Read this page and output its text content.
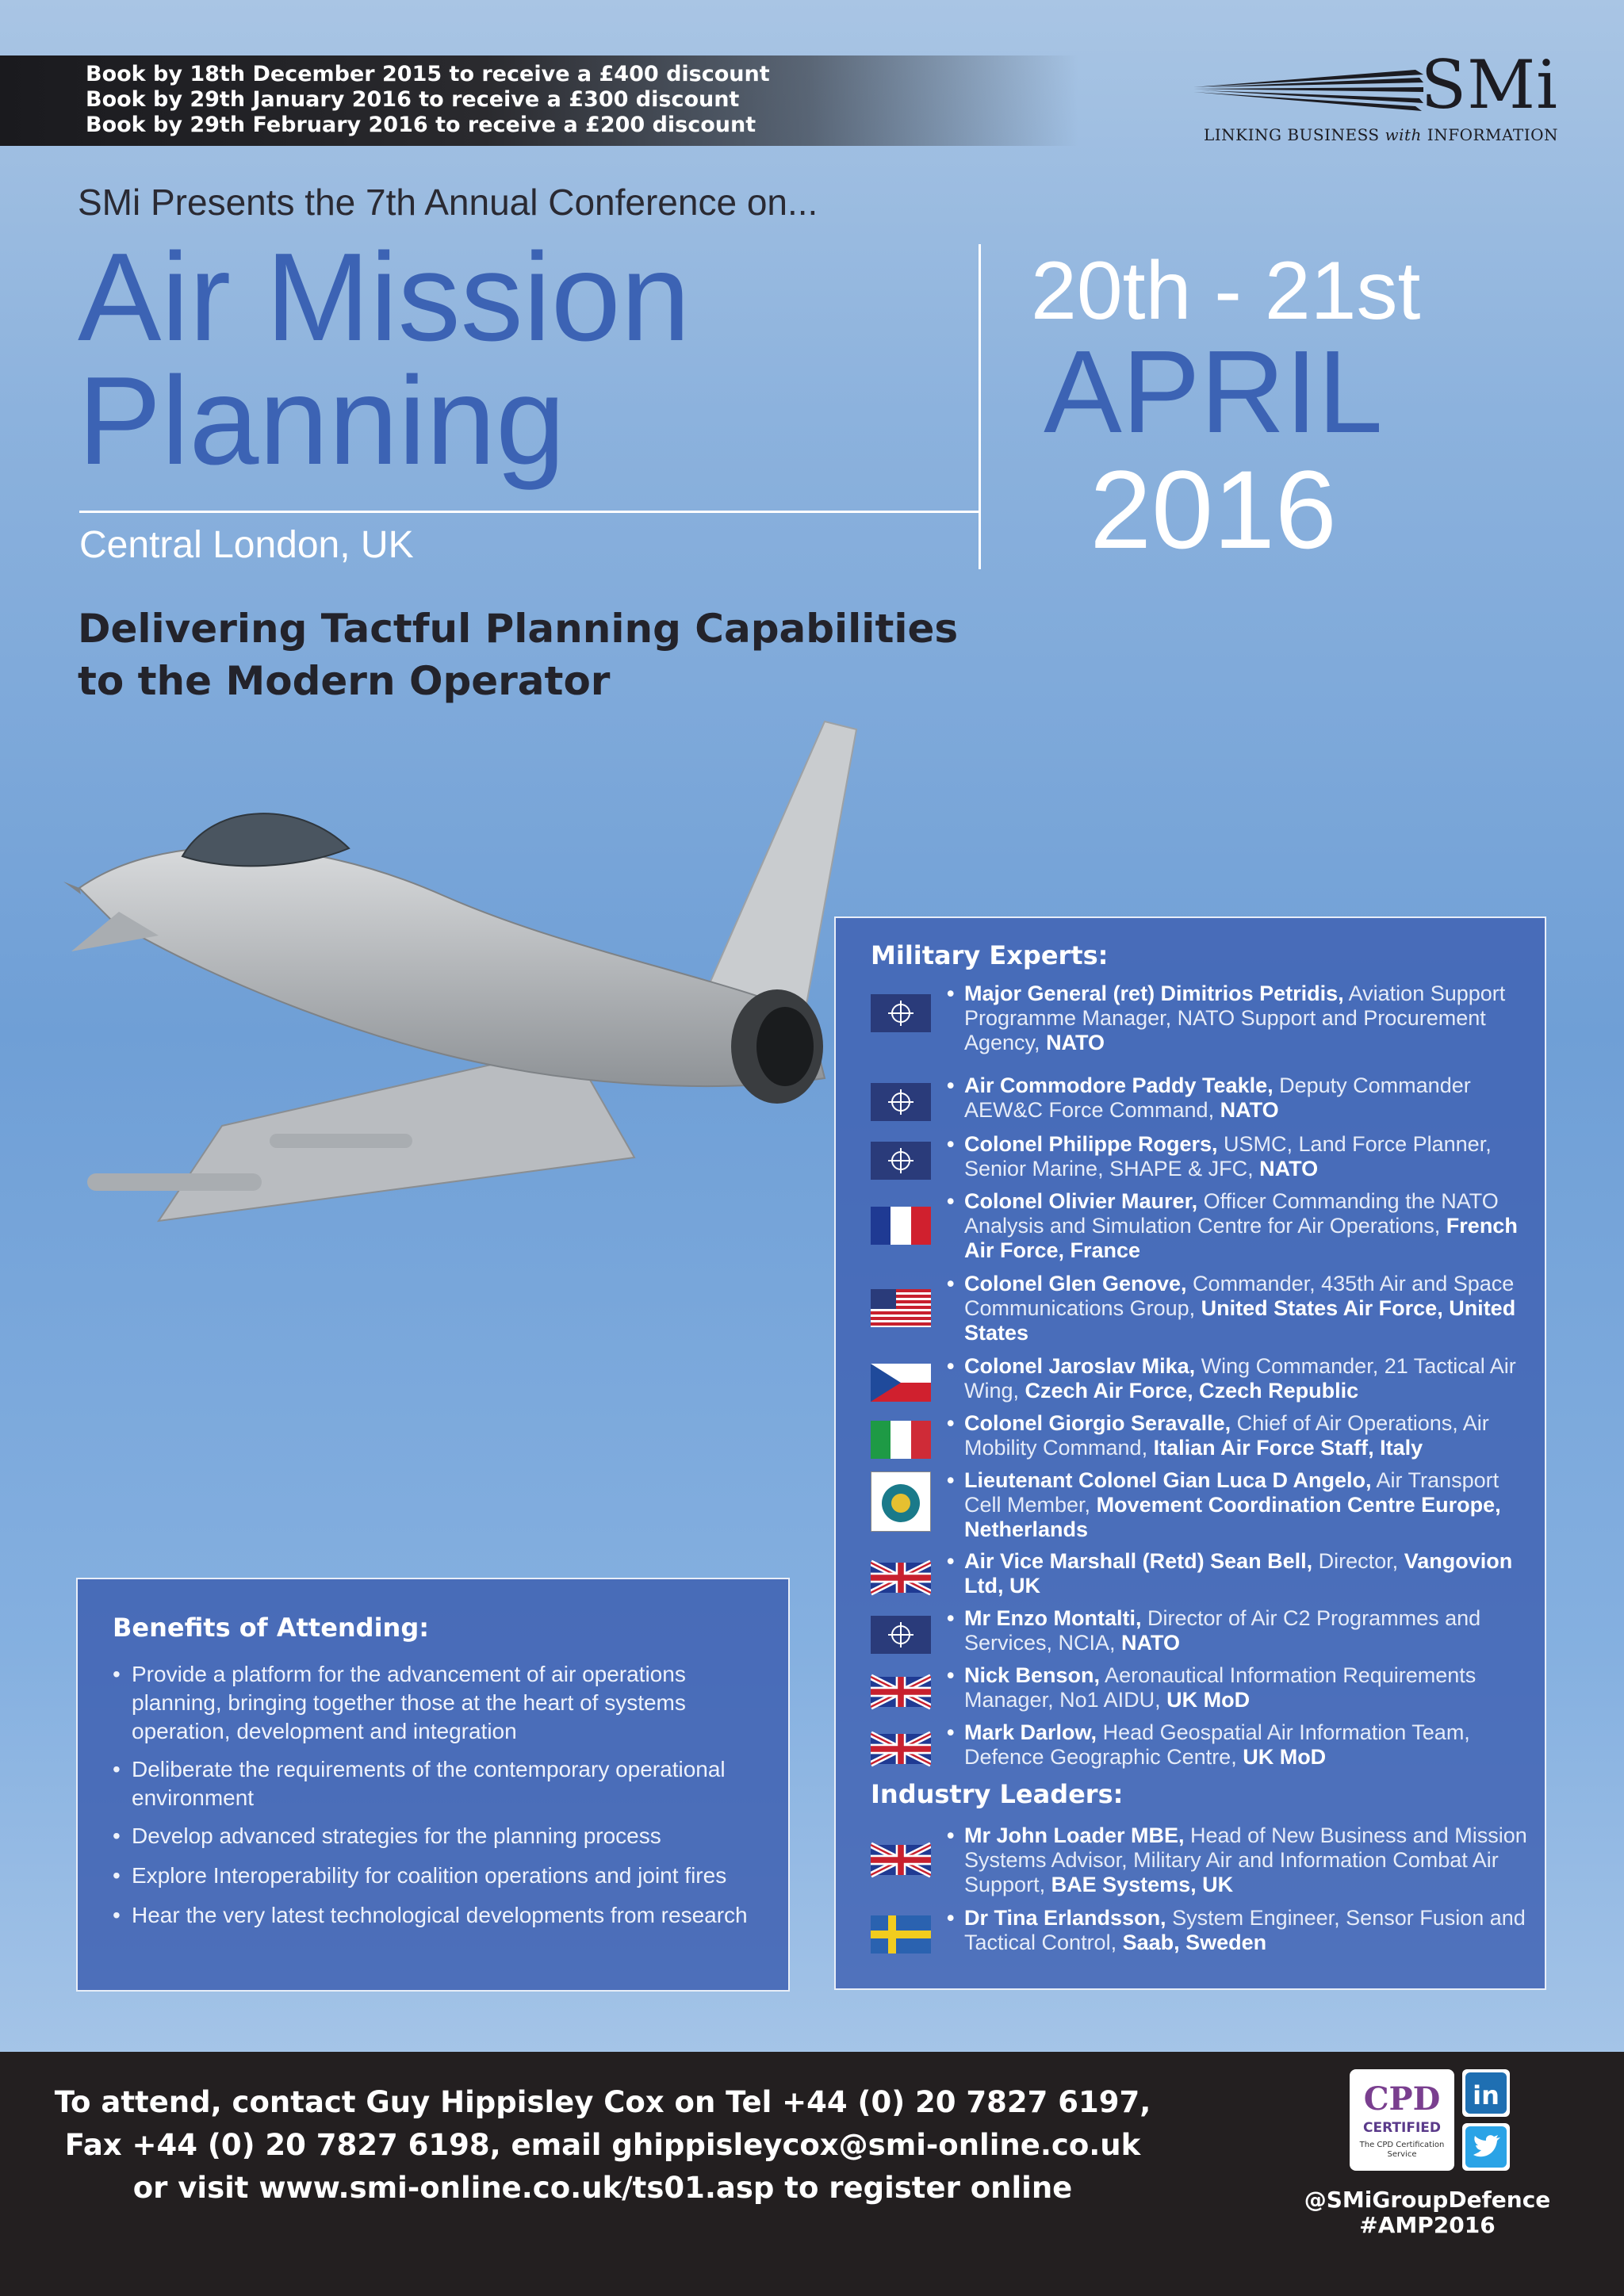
Book by 18th December 2015 to receive a £400 discount
Book by 29th January 2016 to receive a £300 discount
Book by 29th February 2016 to receive a £200 discount
SMi
LINKING BUSINESS with INFORMATION
SMi Presents the 7th Annual Conference on...
Air Mission
Planning
Central London, UK
20th - 21st
APRIL
2016
Delivering Tactful Planning Capabilities
to the Modern Operator
Military Experts:
• Major General (ret) Dimitrios Petridis, Aviation Support Programme Manager, NATO Support and Procurement Agency, NATO
• Air Commodore Paddy Teakle, Deputy Commander AEW&C Force Command, NATO
• Colonel Philippe Rogers, USMC, Land Force Planner, Senior Marine, SHAPE & JFC, NATO
• Colonel Olivier Maurer, Officer Commanding the NATO Analysis and Simulation Centre for Air Operations, French Air Force, France
• Colonel Glen Genove, Commander, 435th Air and Space Communications Group, United States Air Force, United States
• Colonel Jaroslav Mika, Wing Commander, 21 Tactical Air Wing, Czech Air Force, Czech Republic
• Colonel Giorgio Seravalle, Chief of Air Operations, Air Mobility Command, Italian Air Force Staff, Italy
• Lieutenant Colonel Gian Luca D Angelo, Air Transport Cell Member, Movement Coordination Centre Europe, Netherlands
• Air Vice Marshall (Retd) Sean Bell, Director, Vangovion Ltd, UK
• Mr Enzo Montalti, Director of Air C2 Programmes and Services, NCIA, NATO
• Nick Benson, Aeronautical Information Requirements Manager, No1 AIDU, UK MoD
• Mark Darlow, Head Geospatial Air Information Team, Defence Geographic Centre, UK MoD
Industry Leaders:
• Mr John Loader MBE, Head of New Business and Mission Systems Advisor, Military Air and Information Combat Air Support, BAE Systems, UK
• Dr Tina Erlandsson, System Engineer, Sensor Fusion and Tactical Control, Saab, Sweden
Benefits of Attending:
• Provide a platform for the advancement of air operations planning, bringing together those at the heart of systems operation, development and integration
• Deliberate the requirements of the contemporary operational environment
• Develop advanced strategies for the planning process
• Explore Interoperability for coalition operations and joint fires
• Hear the very latest technological developments from research
To attend, contact Guy Hippisley Cox on Tel +44 (0) 20 7827 6197,
Fax +44 (0) 20 7827 6198, email ghippisleycox@smi-online.co.uk
or visit www.smi-online.co.uk/ts01.asp to register online	@SMiGroupDefence
#AMP2016
CPD
CERTIFIED
The CPD Certification Service
in
